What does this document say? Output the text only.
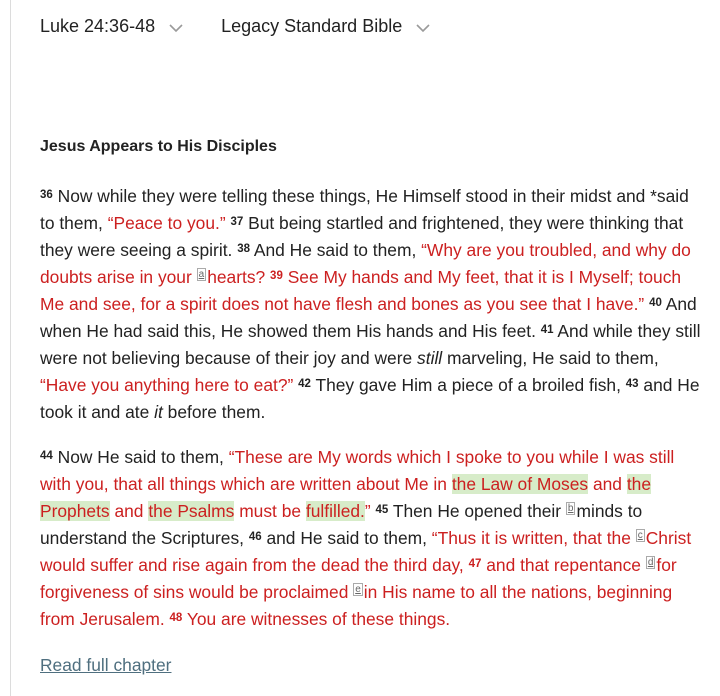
Luke 24:36-48	Legacy Standard Bible
Jesus Appears to His Disciples

$^{36}$ Now while they were telling these things, He Himself stood in their midst and *said to them, “Peace to you.” $^{37}$ But being startled and frightened, they were thinking that they were seeing a spirit. $^{38}$ And He said to them, “Why are you troubled, and why do doubts arise in your $^a$ hearts? $^{39}$ See My hands and My feet, that it is I Myself; touch Me and see, for a spirit does not have flesh and bones as you see that I have.” $^{40}$ And when He had said this, He showed them His hands and His feet. $^{41}$ And while they still were not believing because of their joy and were still marveling, He said to them, “Have you anything here to eat?” $^{42}$ They gave Him a piece of a broiled fish, $^{43}$ and He took it and ate it before them.

$^{44}$ Now He said to them, “These are My words which I spoke to you while I was still with you, that all things which are written about Me in the Law of Moses and the Prophets and the Psalms must be fulfilled.” $^{45}$ Then He opened their $^b$ minds to understand the Scriptures, $^{46}$ and He said to them, “Thus it is written, that the $^c$ Christ would suffer and rise again from the dead the third day, $^{47}$ and that repentance $^d$ for forgiveness of sins would be proclaimed $^e$ in His name to all the nations, beginning from Jerusalem. $^{48}$ You are witnesses of these things.

Read full chapter
